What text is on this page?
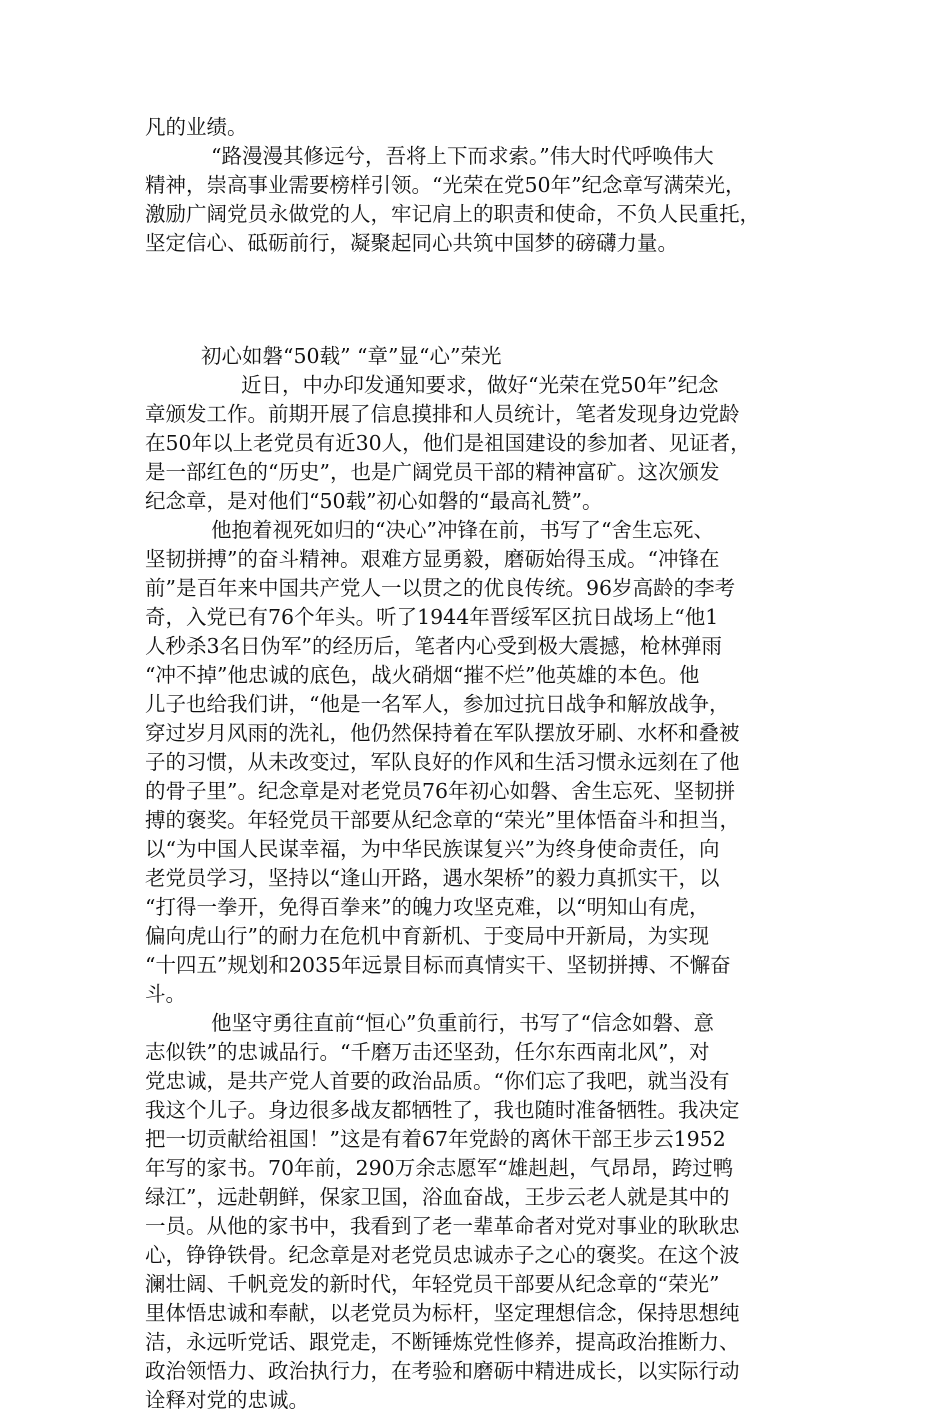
凡的业绩。
“路漫漫其修远兮，吾将上下而求索。”伟大时代呼唤伟大
精神，崇高事业需要榜样引领。“光荣在党50年”纪念章写满荣光，
激励广阔党员永做党的人，牢记肩上的职责和使命，不负人民重托，
坚定信心、砥砺前行，凝聚起同心共筑中国梦的磅礴力量。
初心如磐“50载” “章”显“心”荣光
近日，中办印发通知要求，做好“光荣在党50年”纪念
章颁发工作。前期开展了信息摸排和人员统计，笔者发现身边党龄
在50年以上老党员有近30人，他们是祖国建设的参加者、见证者，
是一部红色的“历史”，也是广阔党员干部的精神富矿。这次颁发
纪念章，是对他们“50载”初心如磐的“最高礼赞”。
他抱着视死如归的“决心”冲锋在前，书写了“舍生忘死、
坚韧拼搏”的奋斗精神。艰难方显勇毅，磨砺始得玉成。“冲锋在
前”是百年来中国共产党人一以贯之的优良传统。96岁高龄的李考
奇，入党已有76个年头。听了1944年晋绥军区抗日战场上“他1
人秒杀3名日伪军”的经历后，笔者内心受到极大震撼，枪林弹雨
“冲不掉”他忠诚的底色，战火硝烟“摧不烂”他英雄的本色。他
儿子也给我们讲，“他是一名军人，参加过抗日战争和解放战争，
穿过岁月风雨的洗礼，他仍然保持着在军队摆放牙刷、水杯和叠被
子的习惯，从未改变过，军队良好的作风和生活习惯永远刻在了他
的骨子里”。纪念章是对老党员76年初心如磐、舍生忘死、坚韧拼
搏的褒奖。年轻党员干部要从纪念章的“荣光”里体悟奋斗和担当，
以“为中国人民谋幸福，为中华民族谋复兴”为终身使命责任，向
老党员学习，坚持以“逢山开路，遇水架桥”的毅力真抓实干，以
“打得一拳开，免得百拳来”的魄力攻坚克难，以“明知山有虎，
偏向虎山行”的耐力在危机中育新机、于变局中开新局，为实现
“十四五”规划和2035年远景目标而真情实干、坚韧拼搏、不懈奋
斗。
他坚守勇往直前“恒心”负重前行，书写了“信念如磐、意
志似铁”的忠诚品行。“千磨万击还坚劲，任尔东西南北风”，对
党忠诚，是共产党人首要的政治品质。“你们忘了我吧，就当没有
我这个儿子。身边很多战友都牺牲了，我也随时准备牺牲。我决定
把一切贡献给祖国！”这是有着67年党龄的离休干部王步云1952
年写的家书。70年前，290万余志愿军“雄赳赳，气昂昂，跨过鸭
绿江”，远赴朝鲜，保家卫国，浴血奋战，王步云老人就是其中的
一员。从他的家书中，我看到了老一辈革命者对党对事业的耿耿忠
心，铮铮铁骨。纪念章是对老党员忠诚赤子之心的褒奖。在这个波
澜壮阔、千帆竞发的新时代，年轻党员干部要从纪念章的“荣光”
里体悟忠诚和奉献，以老党员为标杆，坚定理想信念，保持思想纯
洁，永远听党话、跟党走，不断锤炼党性修养，提高政治推断力、
政治领悟力、政治执行力，在考验和磨砺中精进成长，以实际行动
诠释对党的忠诚。
